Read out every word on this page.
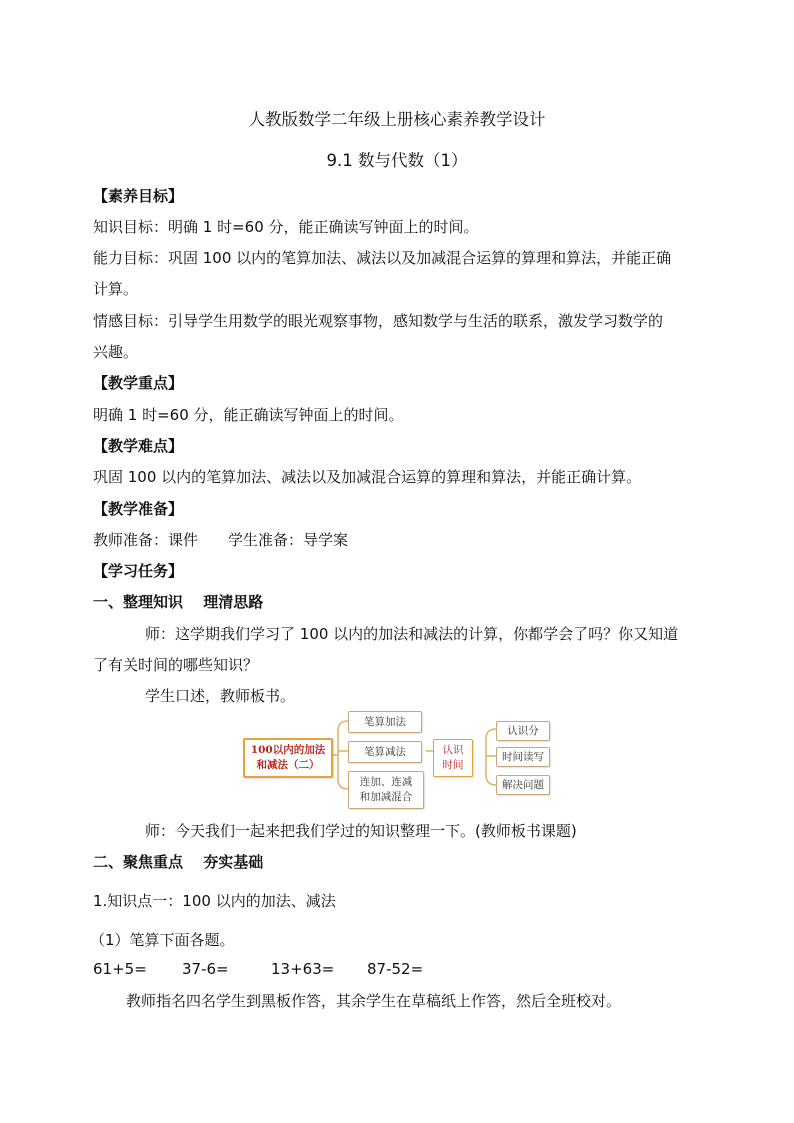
人教版数学二年级上册核心素养教学设计
9.1 数与代数（1）
【素养目标】
知识目标：明确 1 时=60 分，能正确读写钟面上的时间。
能力目标：巩固 100 以内的笔算加法、减法以及加减混合运算的算理和算法，并能正确
计算。
情感目标：引导学生用数学的眼光观察事物，感知数学与生活的联系，激发学习数学的
兴趣。
【教学重点】
明确 1 时=60 分，能正确读写钟面上的时间。
【教学难点】
巩固 100 以内的笔算加法、减法以及加减混合运算的算理和算法，并能正确计算。
【教学准备】
教师准备：课件　　学生准备：导学案
【学习任务】
一、整理知识　 理清思路
师：这学期我们学习了 100 以内的加法和减法的计算，你都学会了吗？你又知道
了有关时间的哪些知识？
学生口述，教师板书。
100以内的加法
和减法（二）
笔算加法
笔算减法
连加、连减
和加减混合
认识
时间
认识分
时间读写
解决问题
师：今天我们一起来把我们学过的知识整理一下。(教师板书课题)
二、聚焦重点　 夯实基础
1.知识点一：100 以内的加法、减法
（1）笔算下面各题。
61+5= 37-6=	13+63= 87-52=
教师指名四名学生到黑板作答，其余学生在草稿纸上作答，然后全班校对。
